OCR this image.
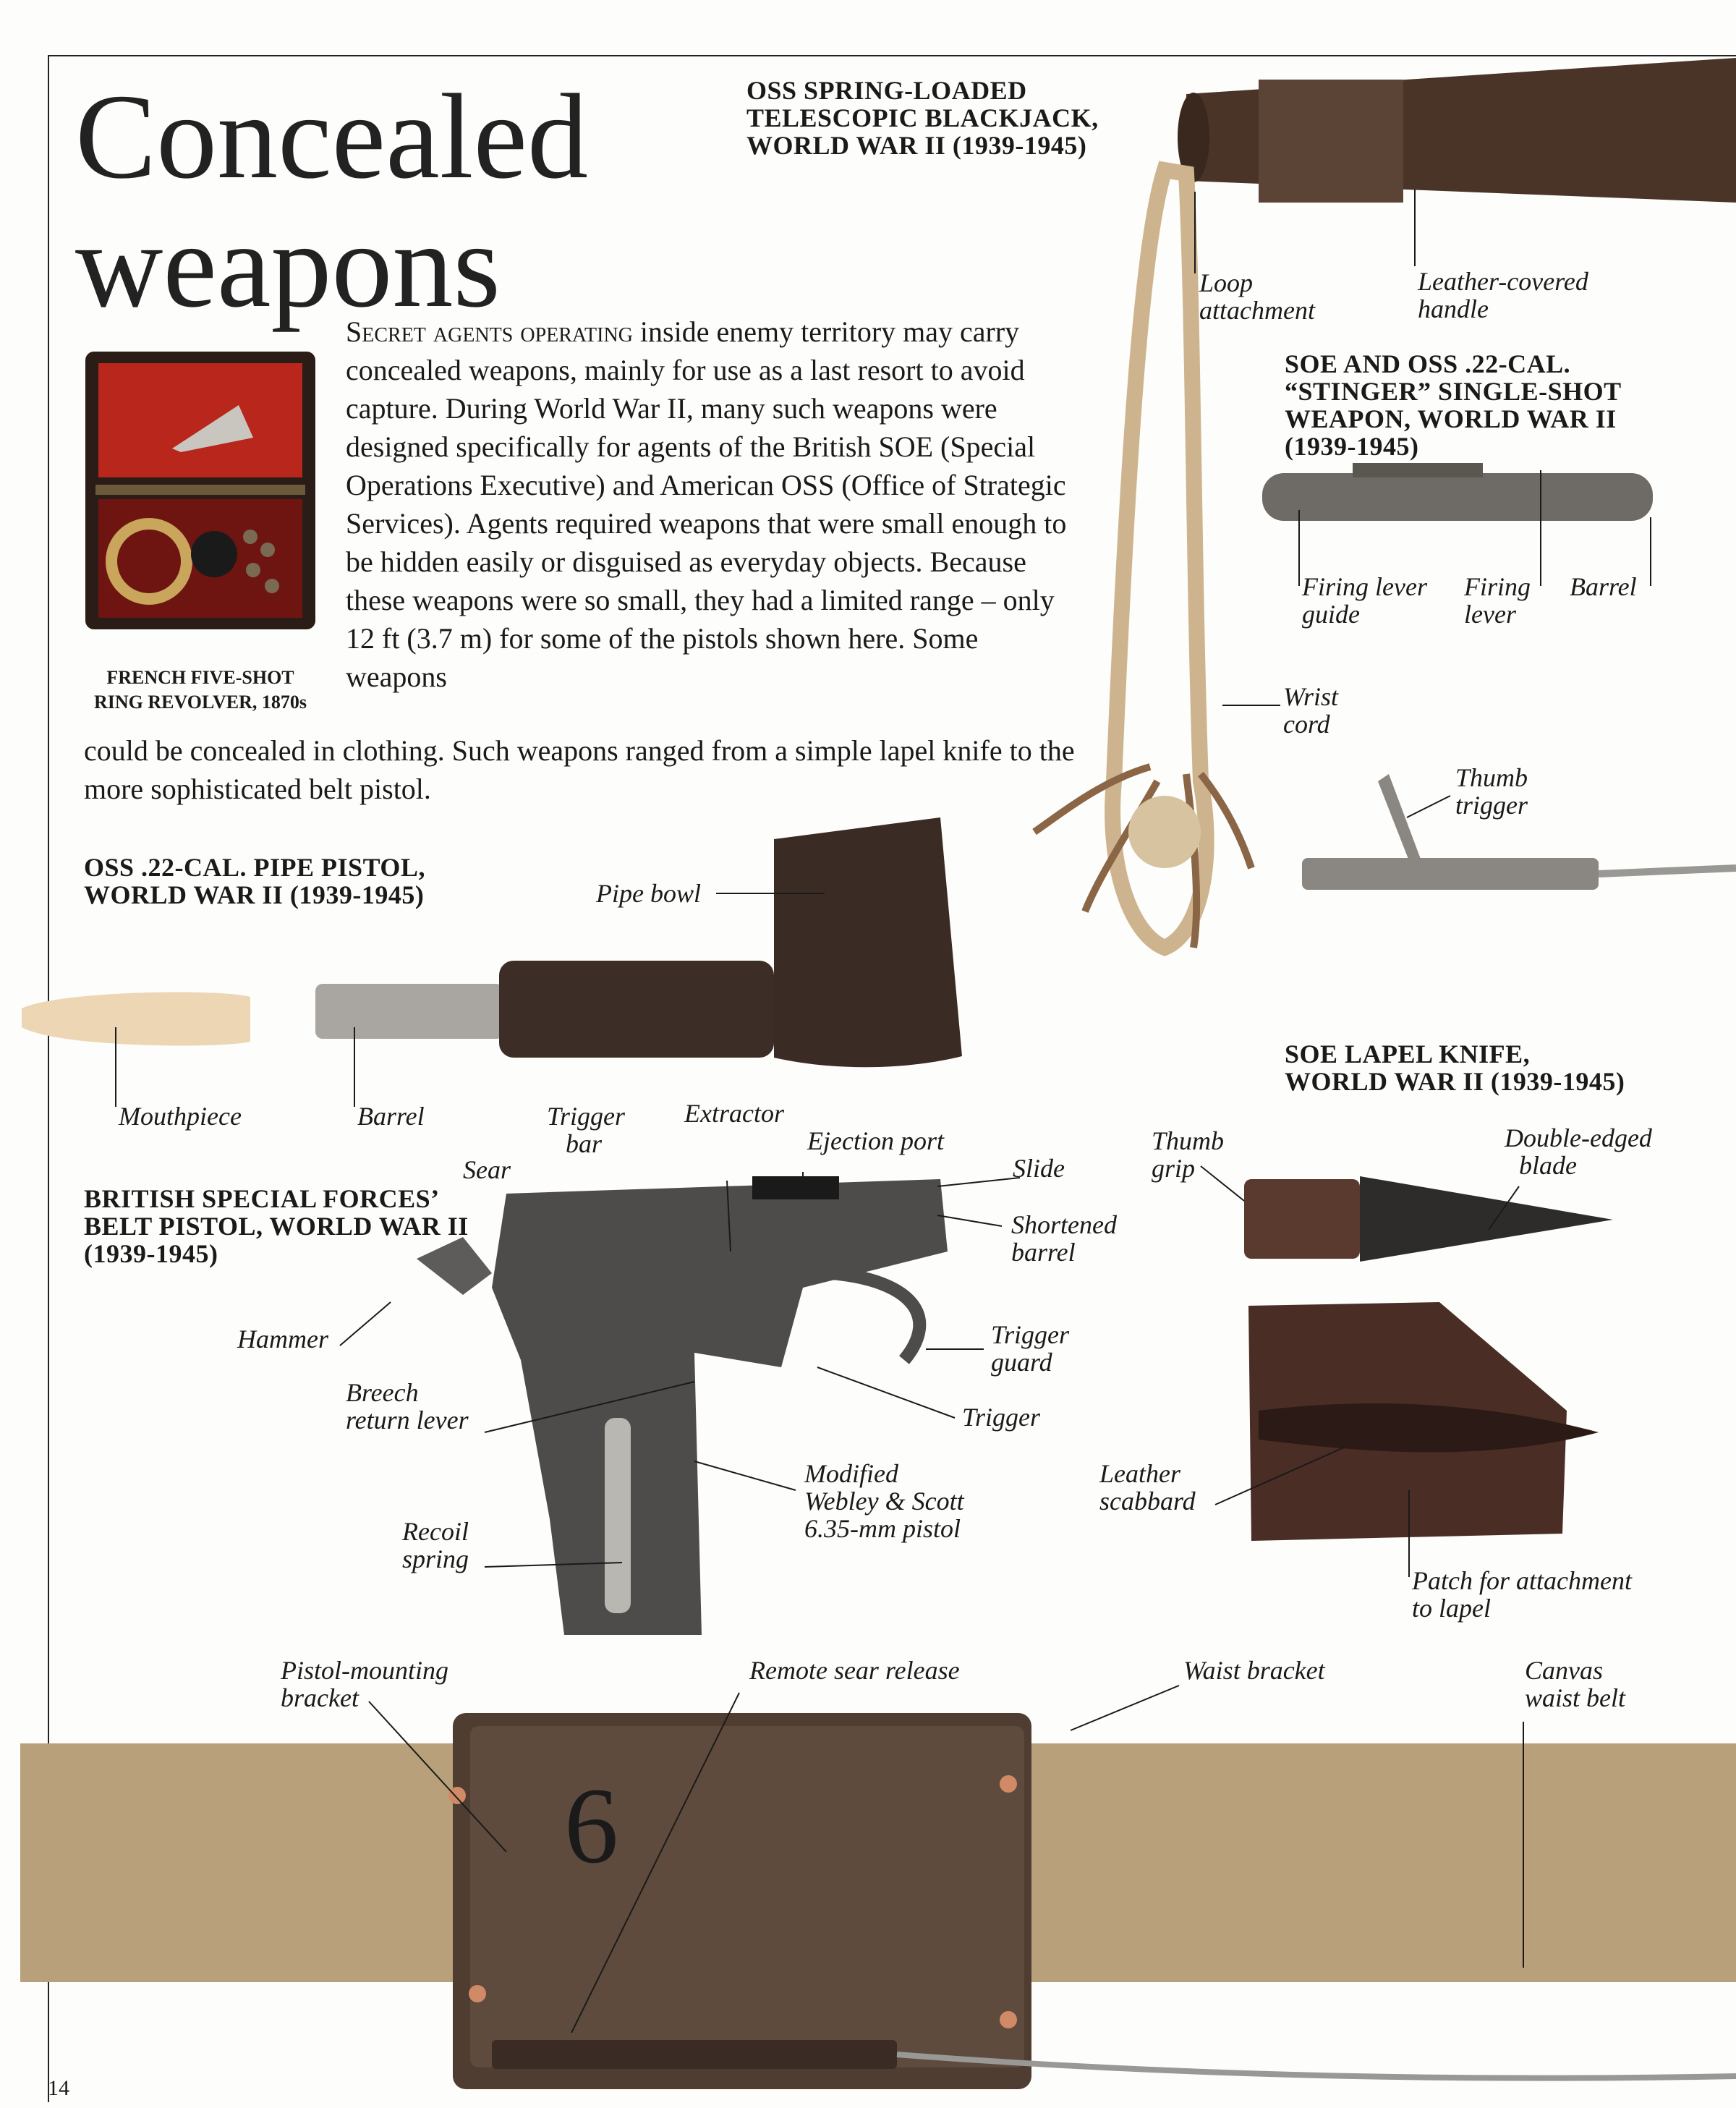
Concealed
weapons
6
Secret agents operating inside enemy territory may carry concealed weapons, mainly for use as a last resort to avoid capture. During World War II, many such weapons were designed specifically for agents of the British SOE (Special Operations Executive) and American OSS (Office of Strategic Services). Agents required weapons that were small enough to be hidden easily or disguised as everyday objects. Because these weapons were so small, they had a limited range – only 12 ft (3.7 m) for some of the pistols shown here. Some weapons
could be concealed in clothing. Such weapons ranged from a simple lapel knife to the more sophisticated belt pistol.
FRENCH FIVE-SHOT
RING REVOLVER, 1870s
OSS SPRING-LOADED
TELESCOPIC BLACKJACK,
WORLD WAR II (1939-1945)
SOE AND OSS .22-CAL.
“STINGER” SINGLE-SHOT
WEAPON, WORLD WAR II
(1939-1945)
OSS .22-CAL. PIPE PISTOL,
WORLD WAR II (1939-1945)
SOE LAPEL KNIFE,
WORLD WAR II (1939-1945)
BRITISH SPECIAL FORCES’
BELT PISTOL, WORLD WAR II
(1939-1945)
Loop
attachment
Leather-covered
handle
Firing lever
guide
Firing
lever
Barrel
Wrist
cord
Thumb
trigger
Pipe bowl
Mouthpiece	Barrel	Trigger
bar
Extractor
Ejection port
Sear	Slide
Shortened
barrel
Hammer	Trigger
guard
Breech
return lever	Trigger
Modified
Webley & Scott
6.35-mm pistol
Recoil
spring
Thumb
grip
Double-edged
blade
Leather
scabbard
Patch for attachment
to lapel
Pistol-mounting
bracket
Remote sear release	Waist bracket	Canvas
waist belt
14
